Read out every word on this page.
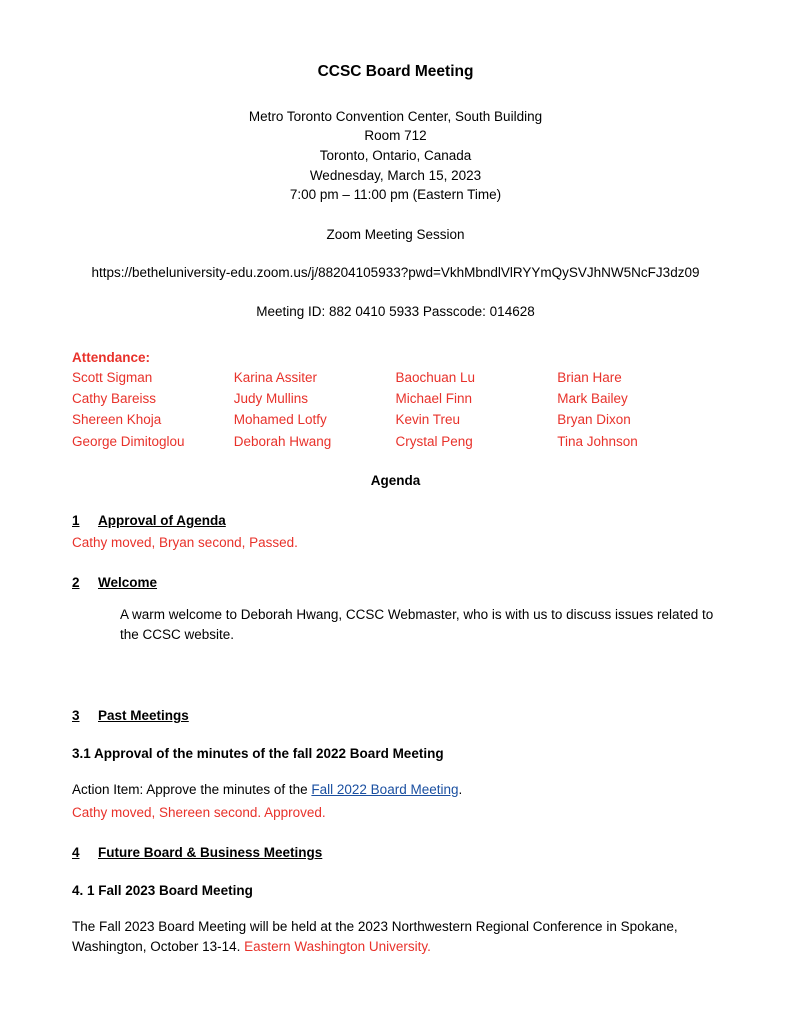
CCSC Board Meeting
Metro Toronto Convention Center, South Building
Room 712
Toronto, Ontario, Canada
Wednesday, March 15, 2023
7:00 pm – 11:00 pm (Eastern Time)
Zoom Meeting Session
https://betheluniversity-edu.zoom.us/j/88204105933?pwd=VkhMbndlVlRYYmQySVJhNW5NcFJ3dz09
Meeting ID: 882 0410 5933 Passcode: 014628
Attendance:
Scott Sigman	Karina Assiter	Baochuan Lu	Brian Hare
Cathy Bareiss	Judy Mullins	Michael Finn	Mark Bailey
Shereen Khoja	Mohamed Lotfy	Kevin Treu	Bryan Dixon
George Dimitoglou	Deborah Hwang	Crystal Peng	Tina Johnson
Agenda
1 Approval of Agenda
Cathy moved, Bryan second, Passed.
2 Welcome
A warm welcome to Deborah Hwang, CCSC Webmaster, who is with us to discuss issues related to the CCSC website.
3 Past Meetings
3.1 Approval of the minutes of the fall 2022 Board Meeting
Action Item: Approve the minutes of the Fall 2022 Board Meeting.
Cathy moved, Shereen second. Approved.
4 Future Board & Business Meetings
4. 1 Fall 2023 Board Meeting
The Fall 2023 Board Meeting will be held at the 2023 Northwestern Regional Conference in Spokane, Washington, October 13-14. Eastern Washington University.
